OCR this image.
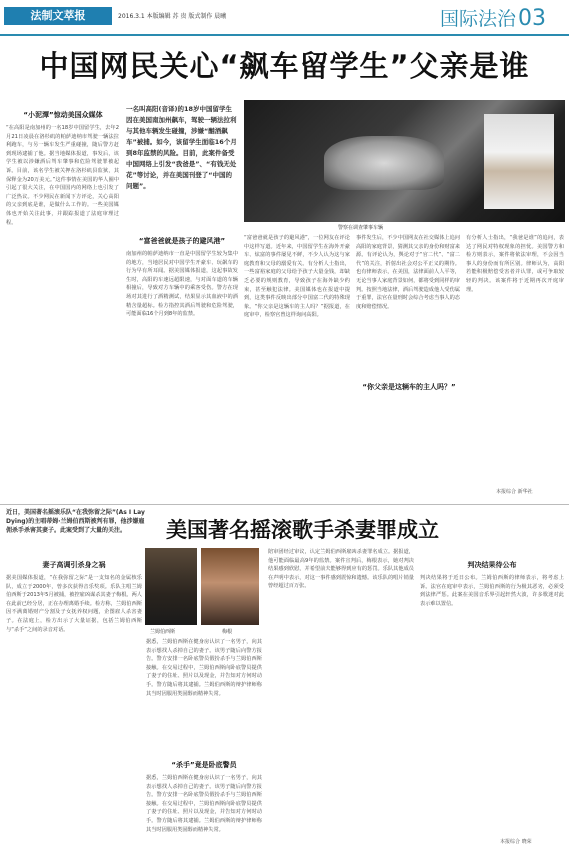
法制文萃报	2016.3.1 本版编辑 苏 贵 版式制作 晨曦	国际法治03
中国网民关心“飙车留学生”父亲是谁
“小泥潭”惊动美国众媒体
“在高阳是南加州的一名18岁中国留学生，去年2月21日凌晨在洛杉矶的帕萨迪纳市驾驶一辆法拉利跑车，与另一辆车发生严重碰撞，随后警方赶到现场逮捕了他。据当地媒体报道，事发后，该学生被以涉嫌酒后驾车肇事和危险驾驶罪被起诉。目前，该名学生被关押在洛杉矶县监狱，其保释金为20万美元。”这件事情在美国的华人圈中引起了很大关注，在中国国内的网络上也引发了广泛热议。不少网民在新闻下方评论，关心高阳的父亲到底是谁，是做什么工作的。一些美国媒体也开始关注此事，并跟踪报道了法庭审理过程。
一名叫高阳(音译)的18岁中国留学生因在美国南加州飙车，驾驶一辆法拉利与其他车辆发生碰撞，涉嫌“酗酒飙车”被捕。如今，该留学生面临16个月到8年监禁的风险。目前，此案件备受中国网络上引发“我爸是”、“有钱无处花”等讨论，并在美国刊登了“中国的问题”。
警察在调查肇事车辆
“富爸爸就是孩子的避风港”
南加州的帕萨迪纳市一直是中国留学生较为集中的地方，当地居民对中国学生开豪车、玩飙车的行为早有所耳闻。据美国媒体报道，这起事故发生时，高阳的车速远超限速，与对面车道的车辆相撞后，导致对方车辆中的乘客受伤。警方在现场对其进行了酒精测试，结果显示其血液中的酒精含量超标。检方指控其酒后驾驶和危险驾驶，可能面临16个月到8年的监禁。
“富爸爸就是孩子的避风港”，一位网友在评论中这样写道。近年来，中国留学生在海外开豪车、炫富的事件屡见不鲜，不少人认为这与家庭教育和父母的溺爱有关。有分析人士指出，一些富裕家庭的父母给予孩子大量金钱，却缺乏必要的规则教育，导致孩子在海外缺少约束，甚至触犯法律。美国媒体也在报道中提到，这类事件反映出部分中国富二代的特殊现象。“你父亲是这辆车的主人吗？”据报道，在庭审中，检察官曾这样询问高阳。
“你父亲是这辆车的主人吗？”
事件发生后，不少中国网友在社交媒体上追问高阳的家庭背景，猜测其父亲的身份和财富来源。有评论认为，舆论对于“官二代”、“富二代”的关注，折射出社会对公平正义的期待。也有律师表示，在美国，法律面前人人平等，无论当事人家庭背景如何，都将受到同样的审判。按照当地法律，酒后驾驶造成他人受伤属于重罪，法官在量刑时会综合考虑当事人的态度和赔偿情况。
有分析人士指出，“我爸是谁”的追问，表达了网民对特权现象的担忧。美国警方和检方则表示，案件将依法审理，不会因当事人的身份而有所区别。律师认为，高阳若能积极赔偿受害者并认罪，或可争取较轻的判决。该案件将于近期再次开庭审理。
本报综合 新华社
近日，美国著名摇滚乐队“在我弥留之际”(As I Lay Dying)的主唱蒂姆·兰姆伯西斯被判有罪，他涉嫌雇佣杀手杀害其妻子。此案受到了大量的关注。	美国著名摇滚歌手杀妻罪成立
妻子高调引杀身之祸
据美国媒体报道，“在我弥留之际”是一支知名的金属核乐队，成立于2000年，曾多次获得音乐奖项。乐队主唱兰姆伯西斯于2013年5月被捕，被控雇凶谋杀其妻子梅根。两人在此前已经分居，正在办理离婚手续。检方称，兰姆伯西斯因不满离婚财产分割及子女抚养权问题，企图雇人杀害妻子。在法庭上，检方出示了大量证据，包括兰姆伯西斯与“杀手”之间的录音对话。	兰姆伯西斯	梅根
据悉，兰姆伯西斯在健身房认识了一名男子，向其表示想找人杀掉自己的妻子。该男子随后向警方报告。警方安排一名卧底警员假扮杀手与兰姆伯西斯接触。在交易过程中，兰姆伯西斯向卧底警员提供了妻子的住址、照片以及现金，并告知对方何时动手。警方随后将其逮捕。兰姆伯西斯的辩护律师称其当时因服用类固醇而精神失常。
“杀手”竟是卧底警员
据悉，兰姆伯西斯在健身房认识了一名男子，向其表示想找人杀掉自己的妻子。该男子随后向警方报告。警方安排一名卧底警员假扮杀手与兰姆伯西斯接触。在交易过程中，兰姆伯西斯向卧底警员提供了妻子的住址、照片以及现金，并告知对方何时动手。警方随后将其逮捕。兰姆伯西斯的辩护律师称其当时因服用类固醇而精神失常。
陪审团经过审议，认定兰姆伯西斯雇凶杀妻罪名成立。据报道，他可能面临最高9年的监禁。案件宣判后，梅根表示，她对判决结果感到欣慰，并希望前夫能够得到应有的惩罚。乐队其他成员在声明中表示，对这一事件感到震惊和遗憾。该乐队的唱片销量曾经超过百万张。
判决结果待公布
判决结果将于近日公布。兰姆伯西斯的律师表示，将考虑上诉。法官在庭审中表示，兰姆伯西斯的行为极其恶劣，必须受到法律严惩。此案在美国音乐界引起轩然大波，许多歌迷对此表示难以置信。
本报综合 晓荣
